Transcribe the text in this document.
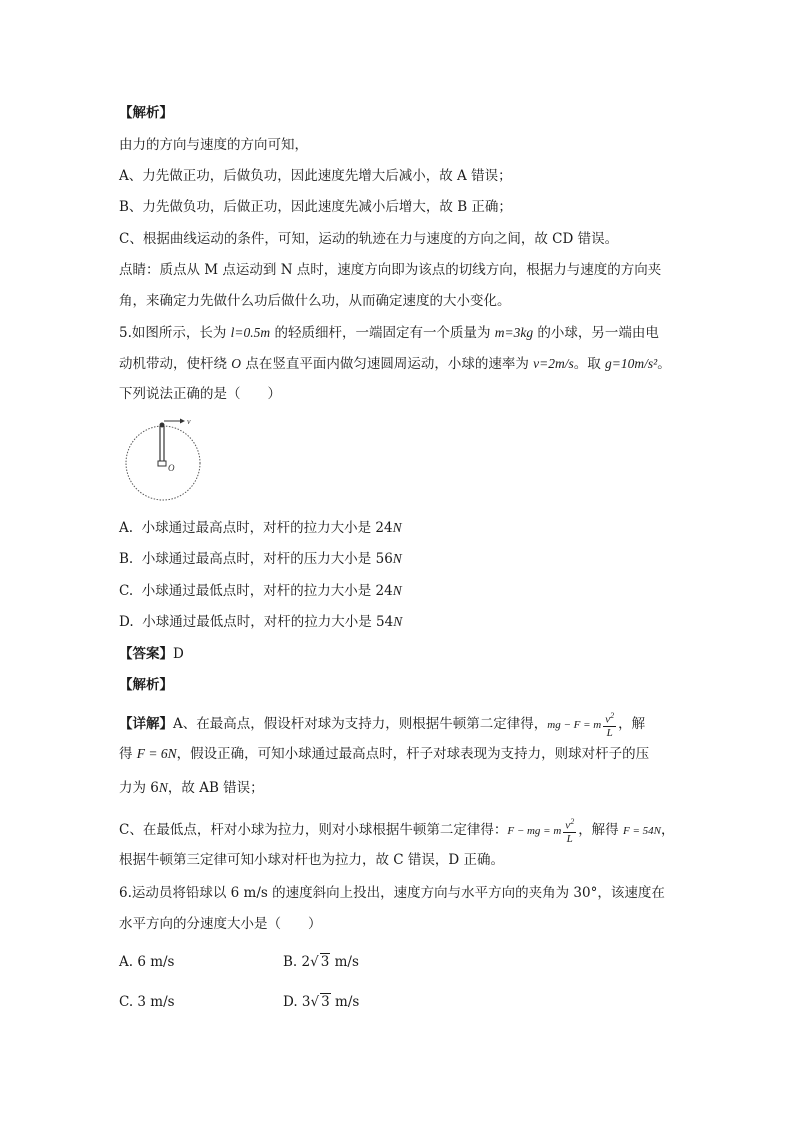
【解析】
由力的方向与速度的方向可知，
A、力先做正功，后做负功，因此速度先增大后减小，故 A 错误；
B、力先做负功，后做正功，因此速度先减小后增大，故 B 正确；
C、根据曲线运动的条件，可知，运动的轨迹在力与速度的方向之间，故 CD 错误。
点睛：质点从 M 点运动到 N 点时，速度方向即为该点的切线方向，根据力与速度的方向夹
角，来确定力先做什么功后做什么功，从而确定速度的大小变化。
5.如图所示，长为 l=0.5m 的轻质细杆，一端固定有一个质量为 m=3kg 的小球，另一端由电
动机带动，使杆绕 O 点在竖直平面内做匀速圆周运动，小球的速率为 v=2m/s。取 g=10m/s²。
下列说法正确的是（　　）
v
O
A. 小球通过最高点时，对杆的拉力大小是 24N
B. 小球通过最高点时，对杆的压力大小是 56N
C. 小球通过最低点时，对杆的拉力大小是 24N
D. 小球通过最低点时，对杆的拉力大小是 54N
【答案】D
【解析】
【详解】A、在最高点，假设杆对球为支持力，则根据牛顿第二定律得，mg − F = m $\frac{v^2}{L}$ ，解
得 F = 6N，假设正确，可知小球通过最高点时，杆子对球表现为支持力，则球对杆子的压
力为 6N，故 AB 错误；
C、在最低点，杆对小球为拉力，则对小球根据牛顿第二定律得：F − mg = m $\frac{v^2}{L}$ ，解得 F = 54N，
根据牛顿第三定律可知小球对杆也为拉力，故 C 错误，D 正确。
6.运动员将铅球以 6 m/s 的速度斜向上投出，速度方向与水平方向的夹角为 30°，该速度在
水平方向的分速度大小是（　　）
A. 6 m/s	B. 2√ 3 m/s
C. 3 m/s	D. 3√ 3 m/s
